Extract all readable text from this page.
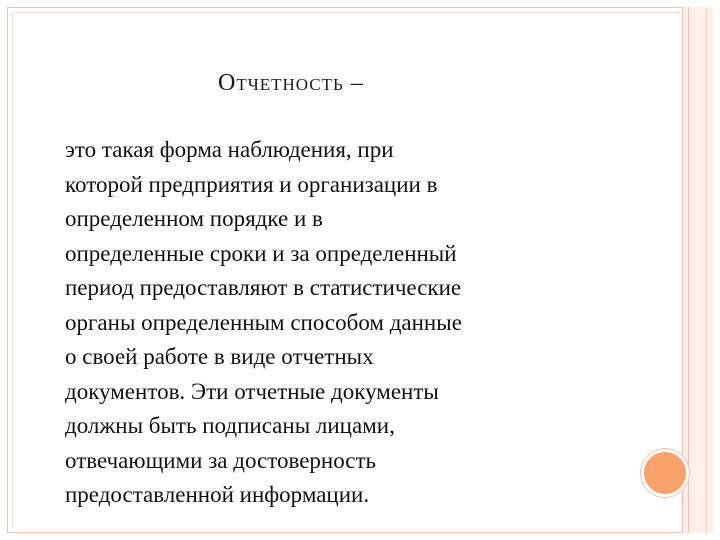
Отчетность –
это такая форма наблюдения, при
которой предприятия и организации в
определенном порядке и в
определенные сроки и за определенный
период предоставляют в статистические
органы определенным способом данные
о своей работе в виде отчетных
документов. Эти отчетные документы
должны быть подписаны лицами,
отвечающими за достоверность
предоставленной информации.
